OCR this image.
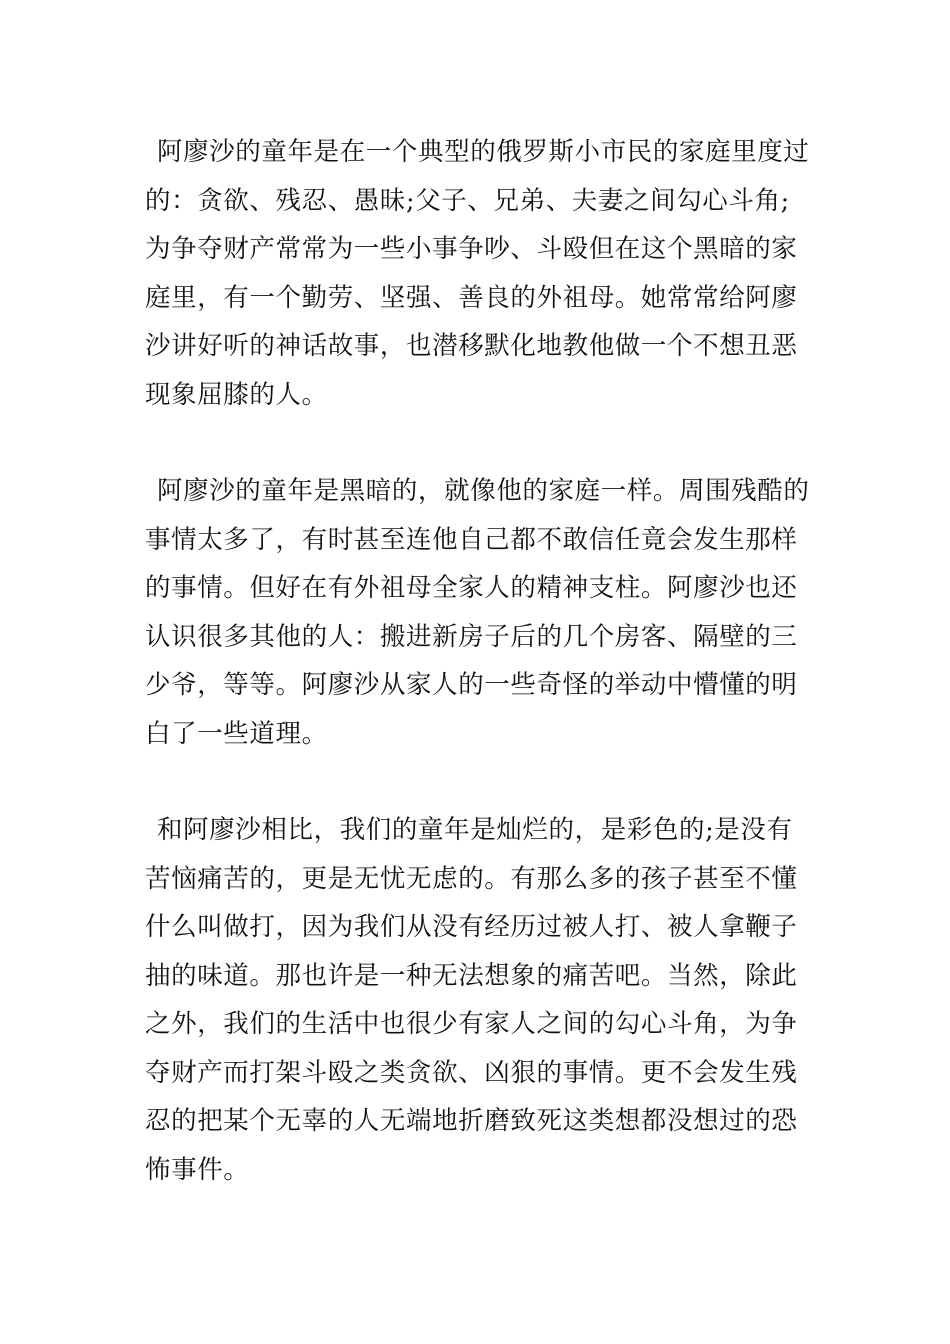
阿廖沙的童年是在一个典型的俄罗斯小市民的家庭里度过
的：贪欲、残忍、愚昧;父子、兄弟、夫妻之间勾心斗角;
为争夺财产常常为一些小事争吵、斗殴但在这个黑暗的家
庭里，有一个勤劳、坚强、善良的外祖母。她常常给阿廖
沙讲好听的神话故事，也潜移默化地教他做一个不想丑恶
现象屈膝的人。
阿廖沙的童年是黑暗的，就像他的家庭一样。周围残酷的
事情太多了，有时甚至连他自己都不敢信任竟会发生那样
的事情。但好在有外祖母全家人的精神支柱。阿廖沙也还
认识很多其他的人：搬进新房子后的几个房客、隔壁的三
少爷，等等。阿廖沙从家人的一些奇怪的举动中懵懂的明
白了一些道理。
和阿廖沙相比，我们的童年是灿烂的，是彩色的;是没有
苦恼痛苦的，更是无忧无虑的。有那么多的孩子甚至不懂
什么叫做打，因为我们从没有经历过被人打、被人拿鞭子
抽的味道。那也许是一种无法想象的痛苦吧。当然，除此
之外，我们的生活中也很少有家人之间的勾心斗角，为争
夺财产而打架斗殴之类贪欲、凶狠的事情。更不会发生残
忍的把某个无辜的人无端地折磨致死这类想都没想过的恐
怖事件。
